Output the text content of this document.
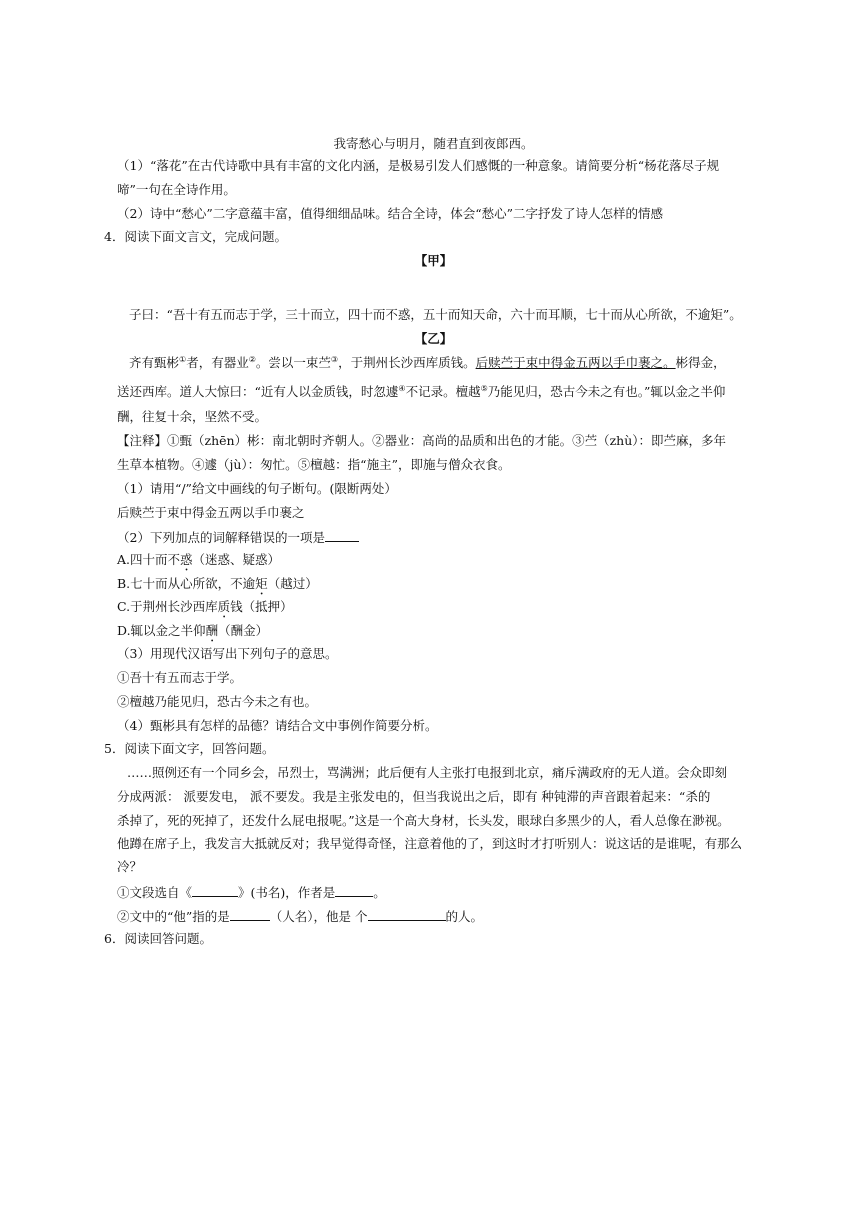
我寄愁心与明月，随君直到夜郎西。
（1）“落花”在古代诗歌中具有丰富的文化内涵，是极易引发人们感慨的一种意象。请简要分析“杨花落尽子规
啼”一句在全诗作用。
（2）诗中“愁心”二字意蕴丰富，值得细细品味。结合全诗，体会“愁心”二字抒发了诗人怎样的情感
4．阅读下面文言文，完成问题。
【甲】
子曰：“吾十有五而志于学，三十而立，四十而不惑，五十而知天命，六十而耳顺，七十而从心所欲，不逾矩”。
【乙】
齐有甄彬①者，有器业②。尝以一束苎③，于荆州长沙西库质钱。后赎苎于束中得金五两以手巾裹之。彬得金，
送还西库。道人大惊曰：“近有人以金质钱，时忽遽④不记录。檀越⑤乃能见归，恐古今未之有也。”辄以金之半仰
酬，往复十余，坚然不受。
【注释】①甄（zhēn）彬：南北朝时齐朝人。②器业：高尚的品质和出色的才能。③苎（zhù）：即苎麻，多年
生草本植物。④遽（jù）：匆忙。⑤檀越：指“施主”，即施与僧众衣食。
（1）请用“/”给文中画线的句子断句。(限断两处）
后赎苎于束中得金五两以手巾裹之
（2）下列加点的词解释错误的一项是
A.四十而不惑（迷惑、疑惑）
B.七十而从心所欲，不逾矩（越过）
C.于荆州长沙西库质钱（抵押）
D.辄以金之半仰酬（酬金）
（3）用现代汉语写出下列句子的意思。
①吾十有五而志于学。
②檀越乃能见归，恐古今未之有也。
（4）甄彬具有怎样的品德？请结合文中事例作简要分析。
5．阅读下面文字，回答问题。
……照例还有一个同乡会，吊烈士，骂满洲；此后便有人主张打电报到北京，痛斥满政府的无人道。会众即刻
分成两派： 派要发电， 派不要发。我是主张发电的，但当我说出之后，即有 种钝滞的声音跟着起来：“杀的
杀掉了，死的死掉了，还发什么屁电报呢。”这是一个高大身材，长头发，眼球白多黑少的人，看人总像在渺视。
他蹲在席子上，我发言大抵就反对；我早觉得奇怪，注意着他的了，到这时才打听别人：说这话的是谁呢，有那么
冷？
①文段选自《	》(书名)，作者是	。
②文中的“他”指的是	（人名），他是 个	的人。
6．阅读回答问题。
